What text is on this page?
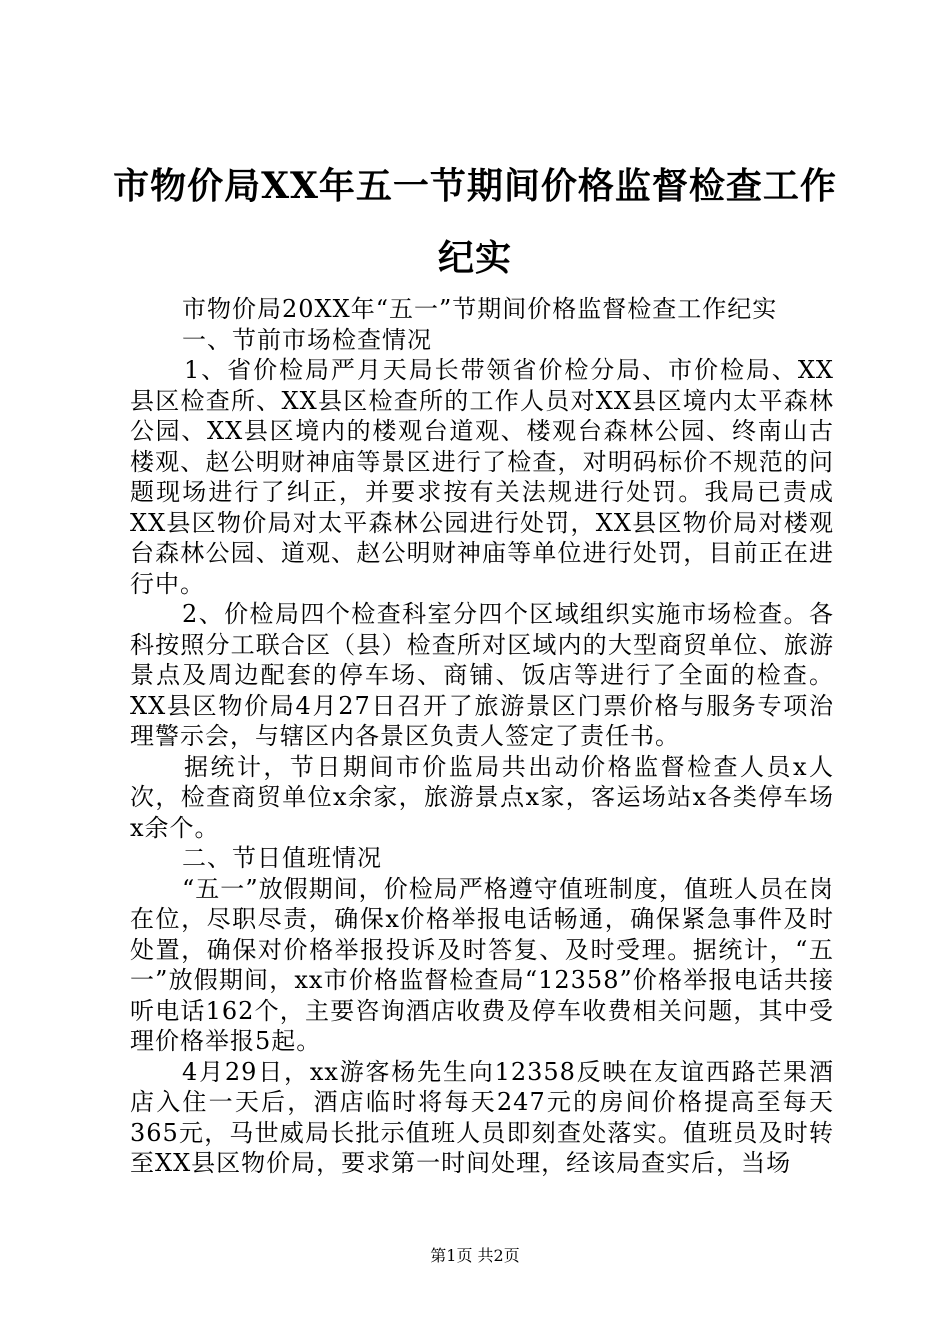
市物价局XX年五一节期间价格监督检查工作纪实

市物价局20XX年“五一”节期间价格监督检查工作纪实

一、节前市场检查情况

1、省价检局严月天局长带领省价检分局、市价检局、XX县区检查所、XX县区检查所的工作人员对XX县区境内太平森林公园、XX县区境内的楼观台道观、楼观台森林公园、终南山古楼观、赵公明财神庙等景区进行了检查，对明码标价不规范的问题现场进行了纠正，并要求按有关法规进行处罚。我局已责成XX县区物价局对太平森林公园进行处罚，XX县区物价局对楼观台森林公园、道观、赵公明财神庙等单位进行处罚，目前正在进行中。

2、价检局四个检查科室分四个区域组织实施市场检查。各科按照分工联合区（县）检查所对区域内的大型商贸单位、旅游景点及周边配套的停车场、商铺、饭店等进行了全面的检查。XX县区物价局4月27日召开了旅游景区门票价格与服务专项治理警示会，与辖区内各景区负责人签定了责任书。

据统计，节日期间市价监局共出动价格监督检查人员x人次，检查商贸单位x余家，旅游景点x家，客运场站x各类停车场x余个。

二、节日值班情况

“五一”放假期间，价检局严格遵守值班制度，值班人员在岗在位，尽职尽责，确保x价格举报电话畅通，确保紧急事件及时处置，确保对价格举报投诉及时答复、及时受理。据统计，“五一”放假期间，xx市价格监督检查局“12358”价格举报电话共接听电话162个，主要咨询酒店收费及停车收费相关问题，其中受理价格举报5起。

4月29日，xx游客杨先生向12358反映在友谊西路芒果酒店入住一天后，酒店临时将每天247元的房间价格提高至每天365元，马世威局长批示值班人员即刻查处落实。值班员及时转至XX县区物价局，要求第一时间处理，经该局查实后，当场

第1页 共2页
